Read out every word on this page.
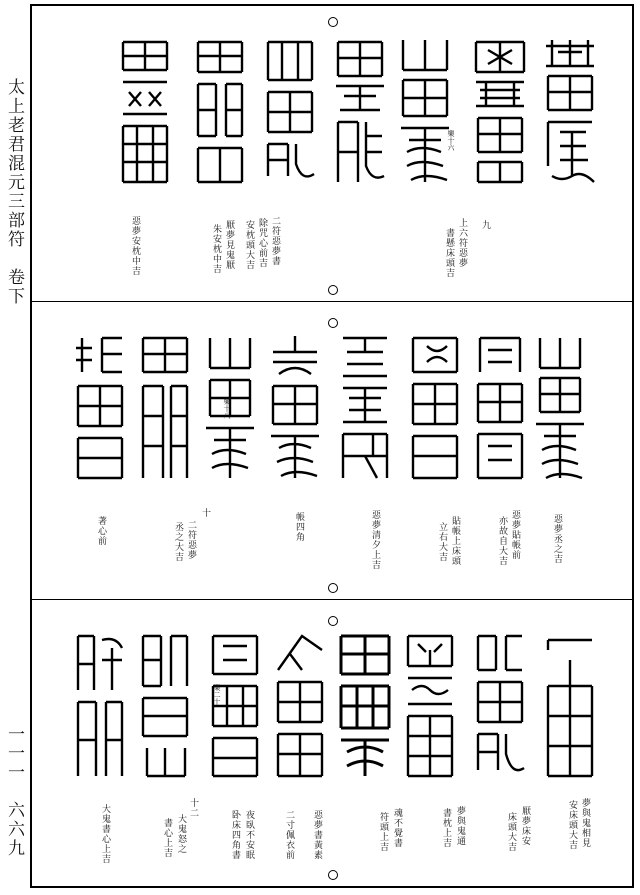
太上老君混元三部符　卷下
一一一　六六九
上六符惡夢
書懸床頭吉
九
樂十六
厭夢見鬼厭
朱安枕中吉	二符惡夢書
除咒心前吉
安枕頭大吉
惡夢安枕中吉
惡夢丞之吉
惡夢貼帳前
亦故自大吉
貼帳上床頭
立右大吉
惡夢清夕上吉
帳四角
樂十八
十
二符惡夢
丞之大吉
著心前
夢與鬼相見
安床頭大吉
厭夢床安
床頭大吉
夢與鬼通
書枕上吉
魂不覺書
符頭上吉
惡夢書黃素
二寸佩衣前
夜臥不安眠
卧床四角書
樂二十
十二
大鬼怒之
書心上吉
大鬼書心上吉
